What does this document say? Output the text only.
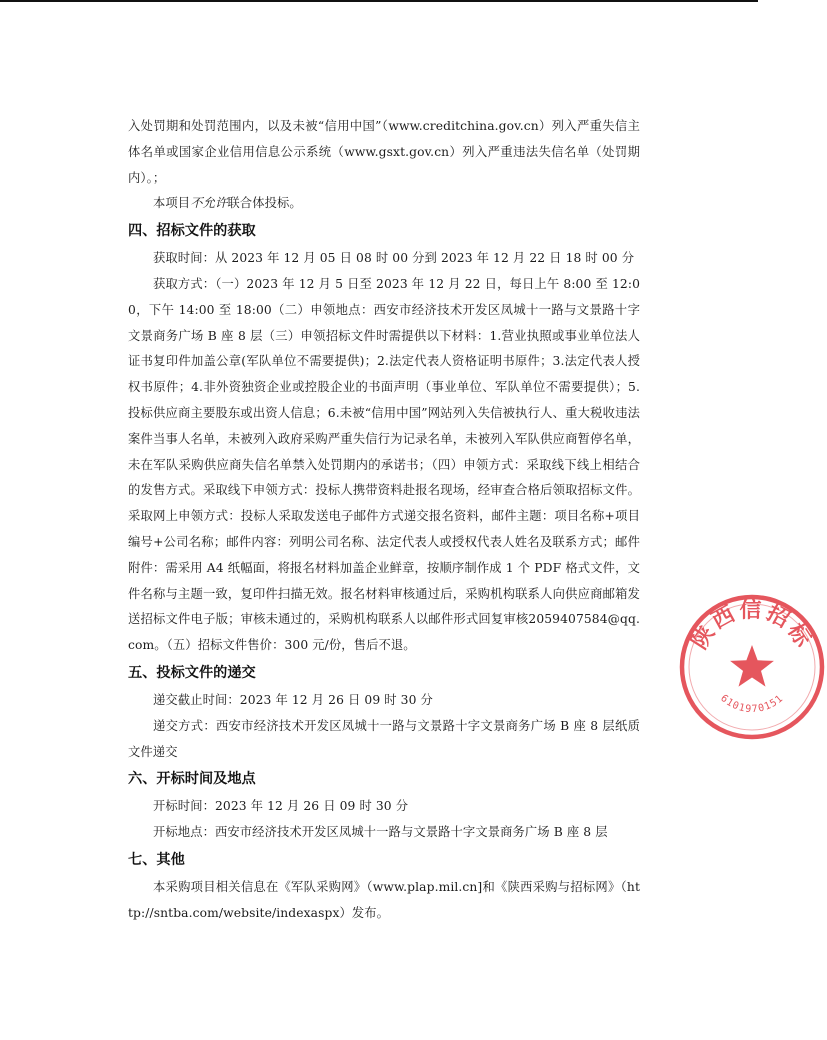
入处罚期和处罚范围内，以及未被“信用中国”（www.creditchina.gov.cn）列入严重失信主体名单或国家企业信用信息公示系统（www.gsxt.gov.cn）列入严重违法失信名单（处罚期内）。；

本项目不允许联合体投标。

四、招标文件的获取

获取时间：从 2023 年 12 月 05 日 08 时 00 分到 2023 年 12 月 22 日 18 时 00 分

获取方式：（一）2023 年 12 月 5 日至 2023 年 12 月 22 日，每日上午 8:00 至 12:00，下午 14:00 至 18:00（二）申领地点：西安市经济技术开发区凤城十一路与文景路十字文景商务广场 B 座 8 层（三）申领招标文件时需提供以下材料：1.营业执照或事业单位法人证书复印件加盖公章(军队单位不需要提供)；2.法定代表人资格证明书原件；3.法定代表人授权书原件；4.非外资独资企业或控股企业的书面声明（事业单位、军队单位不需要提供）；5.投标供应商主要股东或出资人信息；6.未被“信用中国”网站列入失信被执行人、重大税收违法案件当事人名单，未被列入政府采购严重失信行为记录名单，未被列入军队供应商暂停名单，未在军队采购供应商失信名单禁入处罚期内的承诺书；（四）申领方式：采取线下线上相结合的发售方式。采取线下申领方式：投标人携带资料赴报名现场，经审查合格后领取招标文件。采取网上申领方式：投标人采取发送电子邮件方式递交报名资料，邮件主题：项目名称+项目编号+公司名称；邮件内容：列明公司名称、法定代表人或授权代表人姓名及联系方式；邮件附件：需采用 A4 纸幅面，将报名材料加盖企业鲜章，按顺序制作成 1 个 PDF 格式文件，文件名称与主题一致，复印件扫描无效。报名材料审核通过后，采购机构联系人向供应商邮箱发送招标文件电子版；审核未通过的，采购机构联系人以邮件形式回复审核2059407584@qq.com。（五）招标文件售价：300 元/份，售后不退。

五、投标文件的递交

递交截止时间：2023 年 12 月 26 日 09 时 30 分

递交方式：西安市经济技术开发区凤城十一路与文景路十字文景商务广场 B 座 8 层纸质文件递交

六、开标时间及地点

开标时间：2023 年 12 月 26 日 09 时 30 分

开标地点：西安市经济技术开发区凤城十一路与文景路十字文景商务广场 B 座 8 层

七、其他

本采购项目相关信息在《军队采购网》（www.plap.mil.cn]和《陕西采购与招标网》（http://sntba.com/website/indexaspx）发布。

陕西信招标
6101970151
